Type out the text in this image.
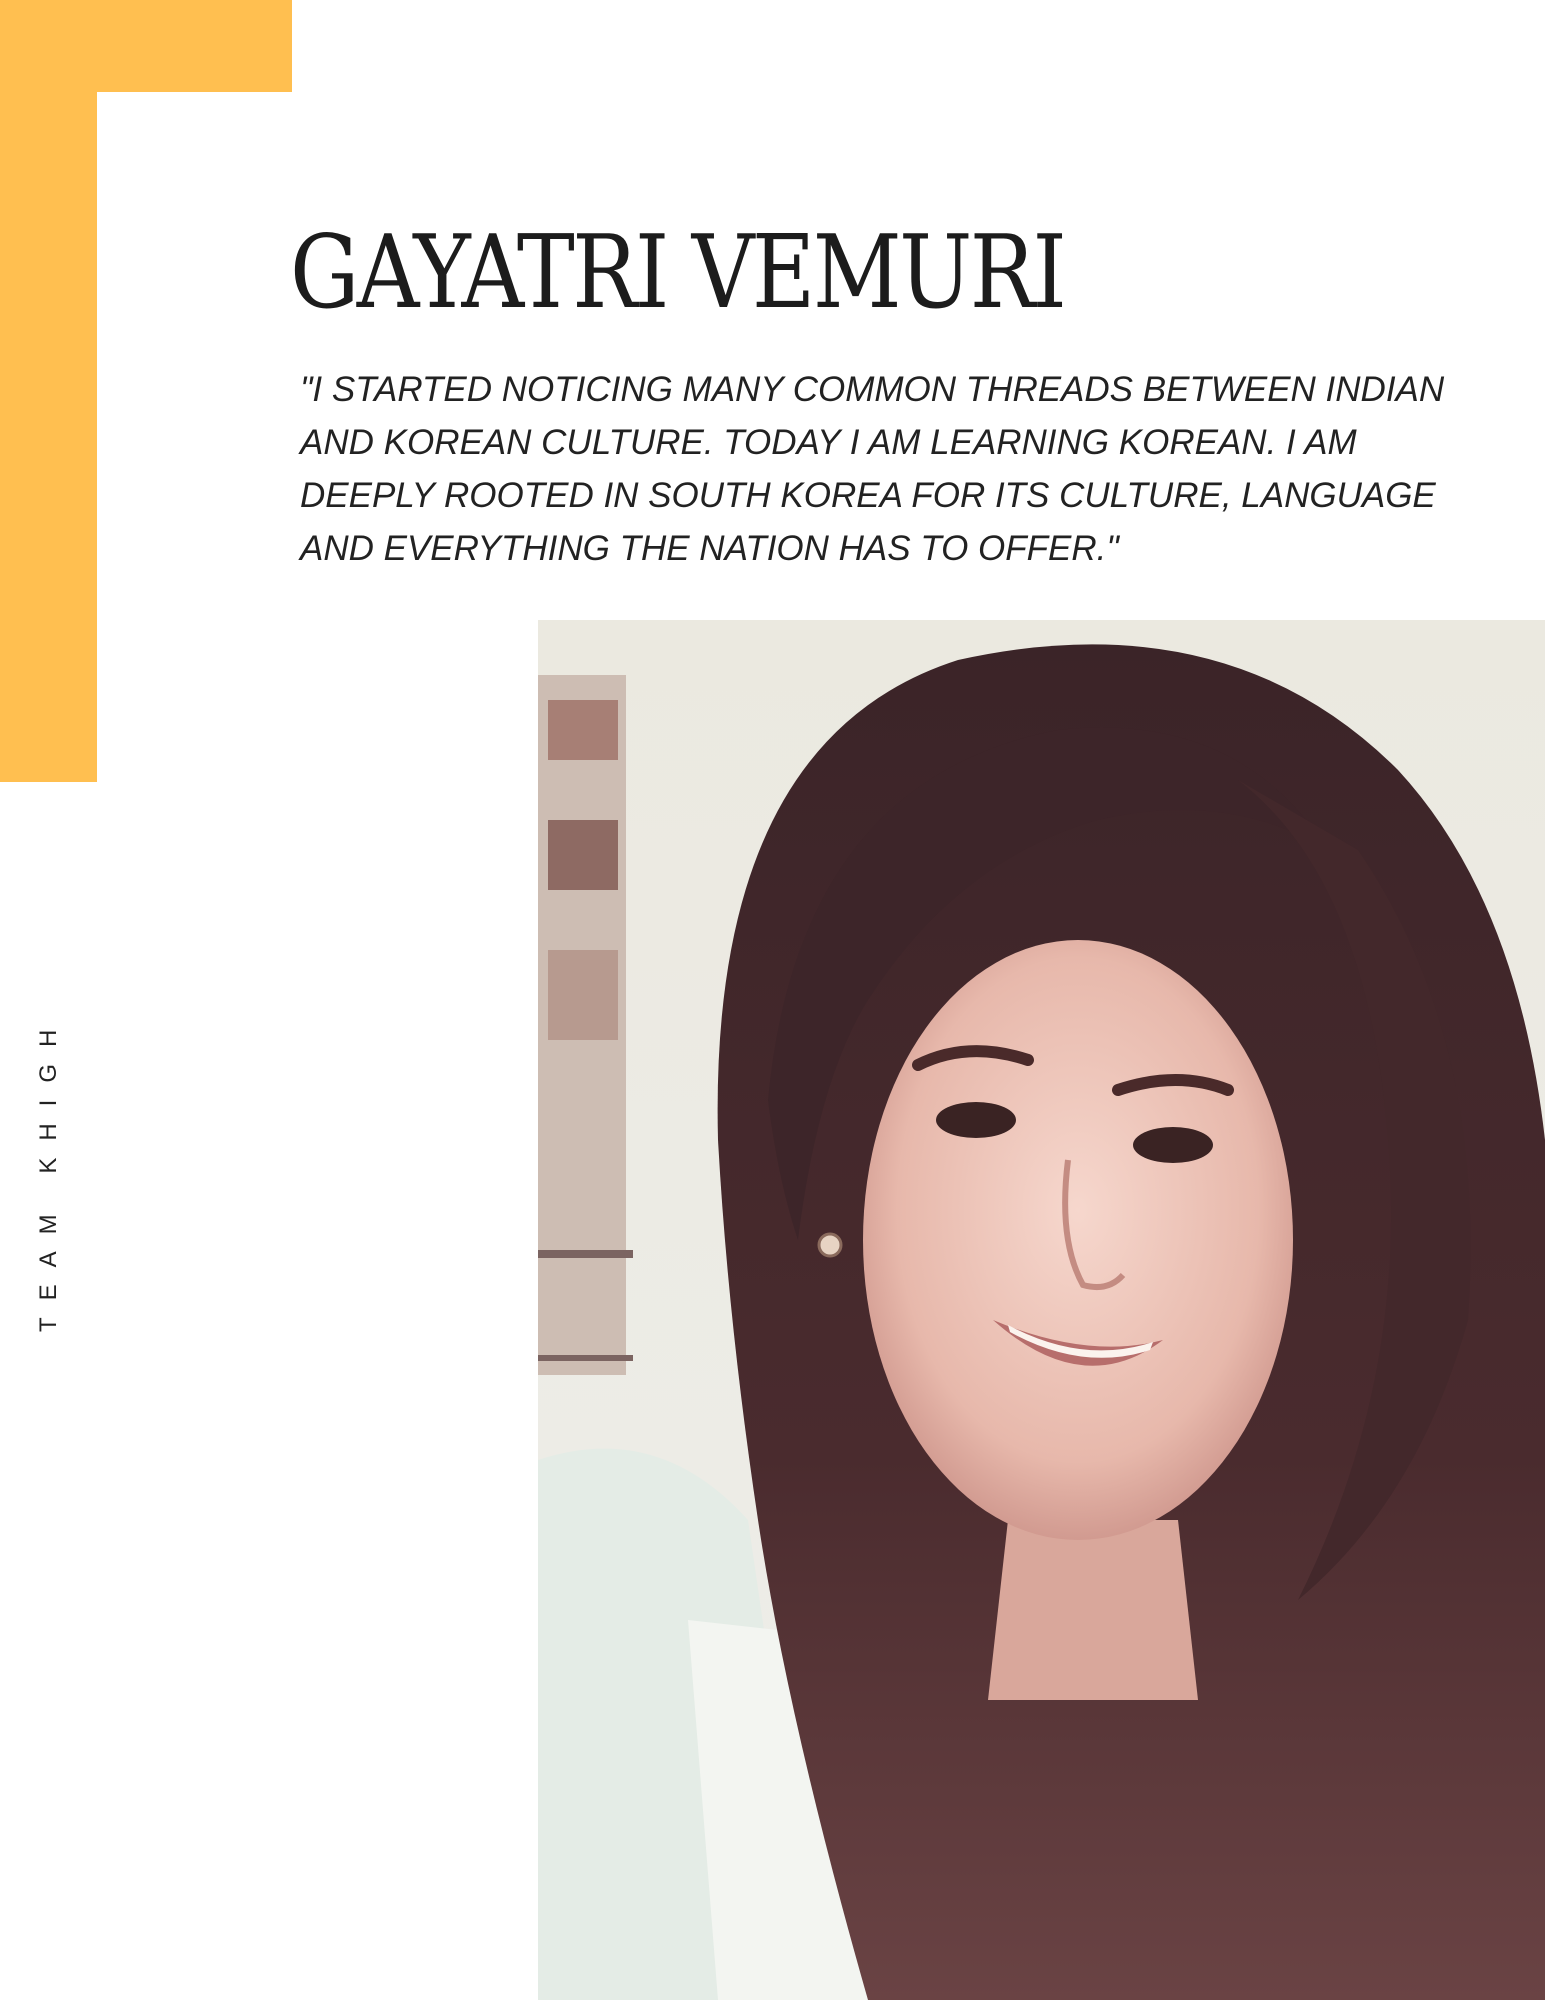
GAYATRI VEMURI

"I STARTED NOTICING MANY COMMON THREADS BETWEEN INDIAN AND KOREAN CULTURE. TODAY I AM LEARNING KOREAN. I AM DEEPLY ROOTED IN SOUTH KOREA FOR ITS CULTURE, LANGUAGE AND EVERYTHING THE NATION HAS TO OFFER."

TEAM KHIGH
